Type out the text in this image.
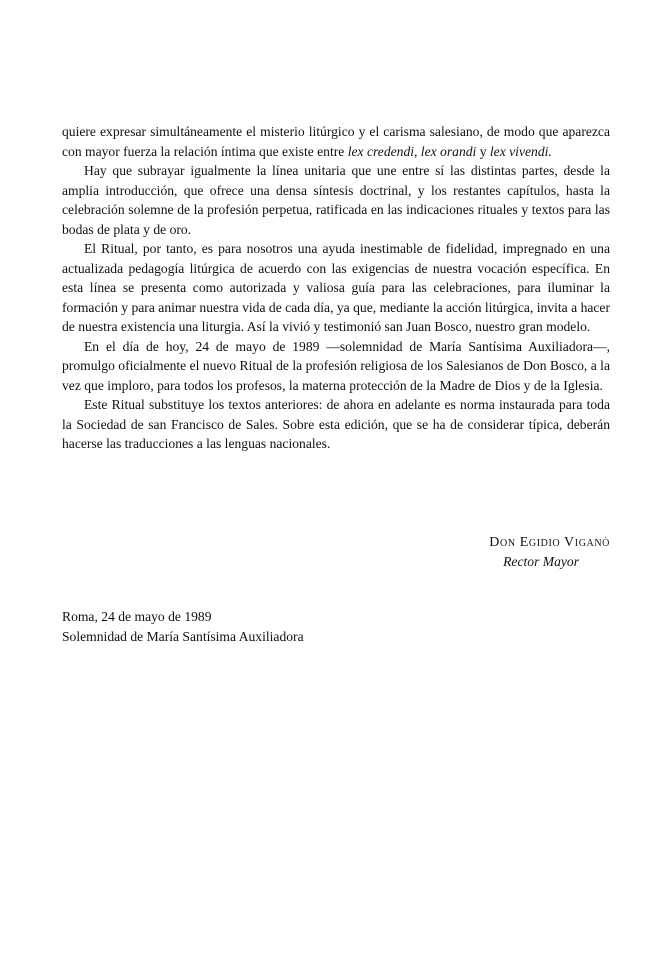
quiere expresar simultáneamente el misterio litúrgico y el carisma salesiano, de modo que aparezca con mayor fuerza la relación íntima que existe entre lex credendi, lex orandi y lex vivendi.

Hay que subrayar igualmente la línea unitaria que une entre sí las distintas partes, desde la amplia introducción, que ofrece una densa síntesis doctrinal, y los restantes capítulos, hasta la celebración solemne de la profesión perpetua, ratificada en las indicaciones rituales y textos para las bodas de plata y de oro.

El Ritual, por tanto, es para nosotros una ayuda inestimable de fidelidad, impregnado en una actualizada pedagogía litúrgica de acuerdo con las exigencias de nuestra vocación específica. En esta línea se presenta como autorizada y valiosa guía para las celebraciones, para iluminar la formación y para animar nuestra vida de cada día, ya que, mediante la acción litúrgica, invita a hacer de nuestra existencia una liturgia. Así la vivió y testimonió san Juan Bosco, nuestro gran modelo.

En el día de hoy, 24 de mayo de 1989 —solemnidad de María Santísima Auxiliadora—, promulgo oficialmente el nuevo Ritual de la profesión religiosa de los Salesianos de Don Bosco, a la vez que imploro, para todos los profesos, la materna protección de la Madre de Dios y de la Iglesia.

Este Ritual substituye los textos anteriores: de ahora en adelante es norma instaurada para toda la Sociedad de san Francisco de Sales. Sobre esta edición, que se ha de considerar típica, deberán hacerse las traducciones a las lenguas nacionales.

Don Egidio Viganò
Rector Mayor
Roma, 24 de mayo de 1989
Solemnidad de María Santísima Auxiliadora
